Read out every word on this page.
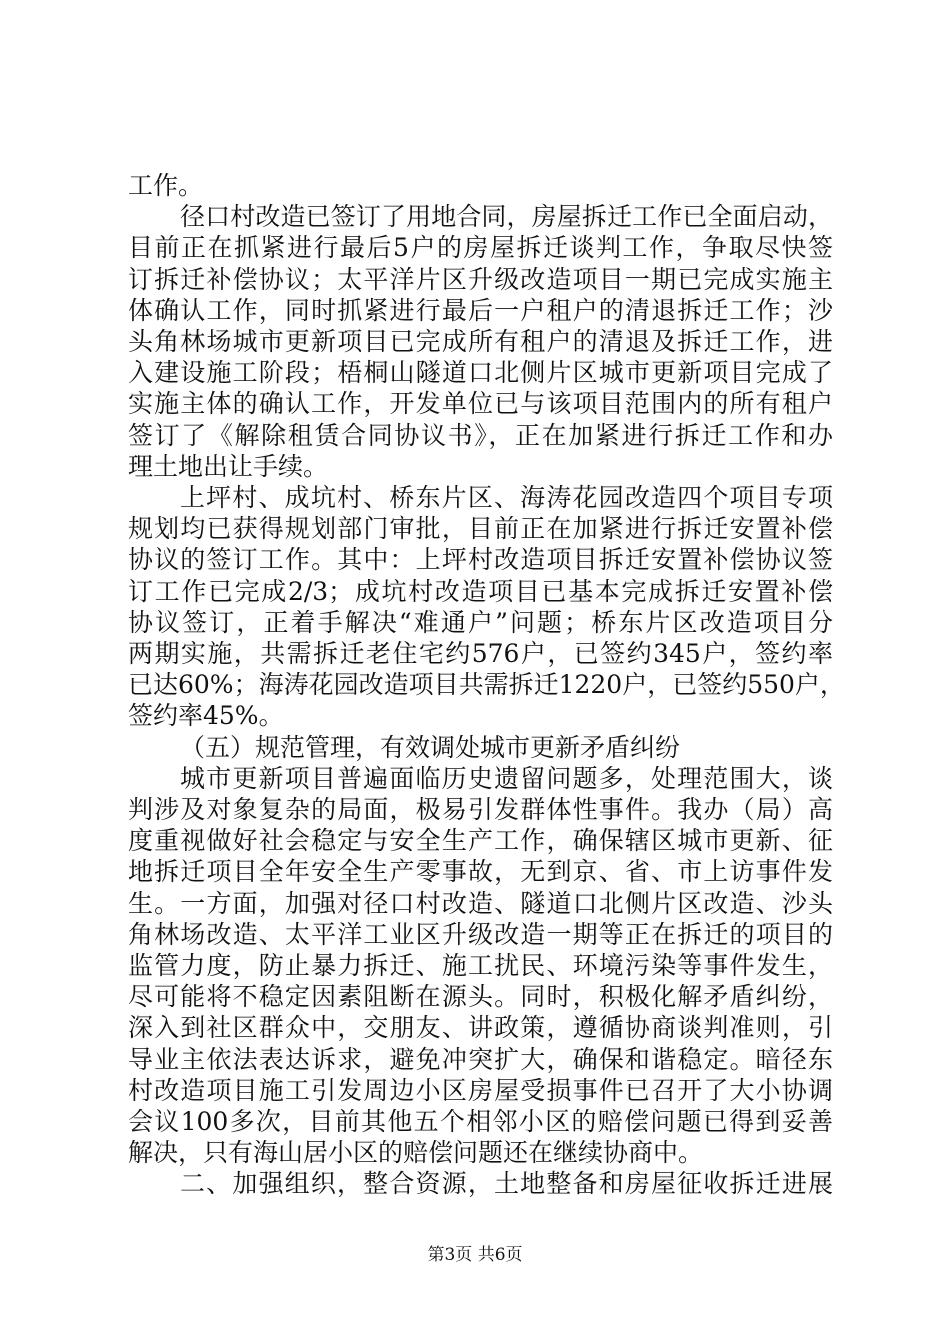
工作。
径口村改造已签订了用地合同，房屋拆迁工作已全面启动，
目前正在抓紧进行最后5户的房屋拆迁谈判工作，争取尽快签
订拆迁补偿协议；太平洋片区升级改造项目一期已完成实施主
体确认工作，同时抓紧进行最后一户租户的清退拆迁工作；沙
头角林场城市更新项目已完成所有租户的清退及拆迁工作，进
入建设施工阶段；梧桐山隧道口北侧片区城市更新项目完成了
实施主体的确认工作，开发单位已与该项目范围内的所有租户
签订了《解除租赁合同协议书》，正在加紧进行拆迁工作和办
理土地出让手续。
上坪村、成坑村、桥东片区、海涛花园改造四个项目专项
规划均已获得规划部门审批，目前正在加紧进行拆迁安置补偿
协议的签订工作。其中：上坪村改造项目拆迁安置补偿协议签
订工作已完成2/3；成坑村改造项目已基本完成拆迁安置补偿
协议签订，正着手解决“难通户”问题；桥东片区改造项目分
两期实施，共需拆迁老住宅约576户，已签约345户，签约率
已达60%；海涛花园改造项目共需拆迁1220户，已签约550户，
签约率45%。
（五）规范管理，有效调处城市更新矛盾纠纷
城市更新项目普遍面临历史遗留问题多，处理范围大，谈
判涉及对象复杂的局面，极易引发群体性事件。我办（局）高
度重视做好社会稳定与安全生产工作，确保辖区城市更新、征
地拆迁项目全年安全生产零事故，无到京、省、市上访事件发
生。一方面，加强对径口村改造、隧道口北侧片区改造、沙头
角林场改造、太平洋工业区升级改造一期等正在拆迁的项目的
监管力度，防止暴力拆迁、施工扰民、环境污染等事件发生，
尽可能将不稳定因素阻断在源头。同时，积极化解矛盾纠纷，
深入到社区群众中，交朋友、讲政策，遵循协商谈判准则，引
导业主依法表达诉求，避免冲突扩大，确保和谐稳定。暗径东
村改造项目施工引发周边小区房屋受损事件已召开了大小协调
会议100多次，目前其他五个相邻小区的赔偿问题已得到妥善
解决，只有海山居小区的赔偿问题还在继续协商中。
二、加强组织，整合资源，土地整备和房屋征收拆迁进展
第3页 共6页
